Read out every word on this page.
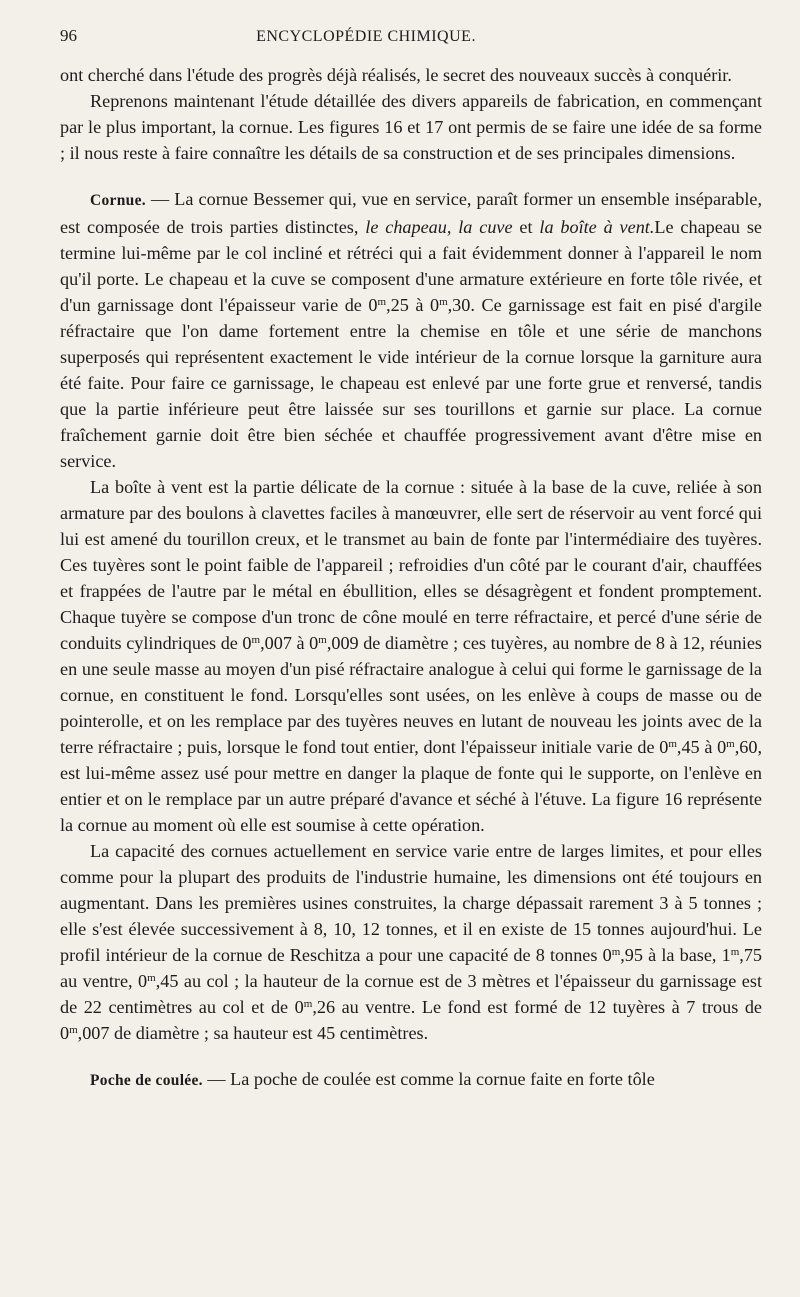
96	ENCYCLOPÉDIE CHIMIQUE.

ont cherché dans l'étude des progrès déjà réalisés, le secret des nouveaux succès à conquérir.

Reprenons maintenant l'étude détaillée des divers appareils de fabrication, en commençant par le plus important, la cornue. Les figures 16 et 17 ont permis de se faire une idée de sa forme ; il nous reste à faire connaître les détails de sa construction et de ses principales dimensions.

Cornue. — La cornue Bessemer qui, vue en service, paraît former un ensemble inséparable, est composée de trois parties distinctes, le chapeau, la cuve et la boîte à vent.Le chapeau se termine lui-même par le col incliné et rétréci qui a fait évidemment donner à l'appareil le nom qu'il porte. Le chapeau et la cuve se composent d'une armature extérieure en forte tôle rivée, et d'un garnissage dont l'épaisseur varie de 0$^m$,25 à 0$^m$,30. Ce garnissage est fait en pisé d'argile réfractaire que l'on dame fortement entre la chemise en tôle et une série de manchons superposés qui représentent exactement le vide intérieur de la cornue lorsque la garniture aura été faite. Pour faire ce garnissage, le chapeau est enlevé par une forte grue et renversé, tandis que la partie inférieure peut être laissée sur ses tourillons et garnie sur place. La cornue fraîchement garnie doit être bien séchée et chauffée progressivement avant d'être mise en service.

La boîte à vent est la partie délicate de la cornue : située à la base de la cuve, reliée à son armature par des boulons à clavettes faciles à manœuvrer, elle sert de réservoir au vent forcé qui lui est amené du tourillon creux, et le transmet au bain de fonte par l'intermédiaire des tuyères. Ces tuyères sont le point faible de l'appareil ; refroidies d'un côté par le courant d'air, chauffées et frappées de l'autre par le métal en ébullition, elles se désagrègent et fondent promptement. Chaque tuyère se compose d'un tronc de cône moulé en terre réfractaire, et percé d'une série de conduits cylindriques de 0$^m$,007 à 0$^m$,009 de diamètre ; ces tuyères, au nombre de 8 à 12, réunies en une seule masse au moyen d'un pisé réfractaire analogue à celui qui forme le garnissage de la cornue, en constituent le fond. Lorsqu'elles sont usées, on les enlève à coups de masse ou de pointerolle, et on les remplace par des tuyères neuves en lutant de nouveau les joints avec de la terre réfractaire ; puis, lorsque le fond tout entier, dont l'épaisseur initiale varie de 0$^m$,45 à 0$^m$,60, est lui-même assez usé pour mettre en danger la plaque de fonte qui le supporte, on l'enlève en entier et on le remplace par un autre préparé d'avance et séché à l'étuve. La figure 16 représente la cornue au moment où elle est soumise à cette opération.

La capacité des cornues actuellement en service varie entre de larges limites, et pour elles comme pour la plupart des produits de l'industrie humaine, les dimensions ont été toujours en augmentant. Dans les premières usines construites, la charge dépassait rarement 3 à 5 tonnes ; elle s'est élevée successivement à 8, 10, 12 tonnes, et il en existe de 15 tonnes aujourd'hui. Le profil intérieur de la cornue de Reschitza a pour une capacité de 8 tonnes 0$^m$,95 à la base, 1$^m$,75 au ventre, 0$^m$,45 au col ; la hauteur de la cornue est de 3 mètres et l'épaisseur du garnissage est de 22 centimètres au col et de 0$^m$,26 au ventre. Le fond est formé de 12 tuyères à 7 trous de 0$^m$,007 de diamètre ; sa hauteur est 45 centimètres.

Poche de coulée. — La poche de coulée est comme la cornue faite en forte tôle
